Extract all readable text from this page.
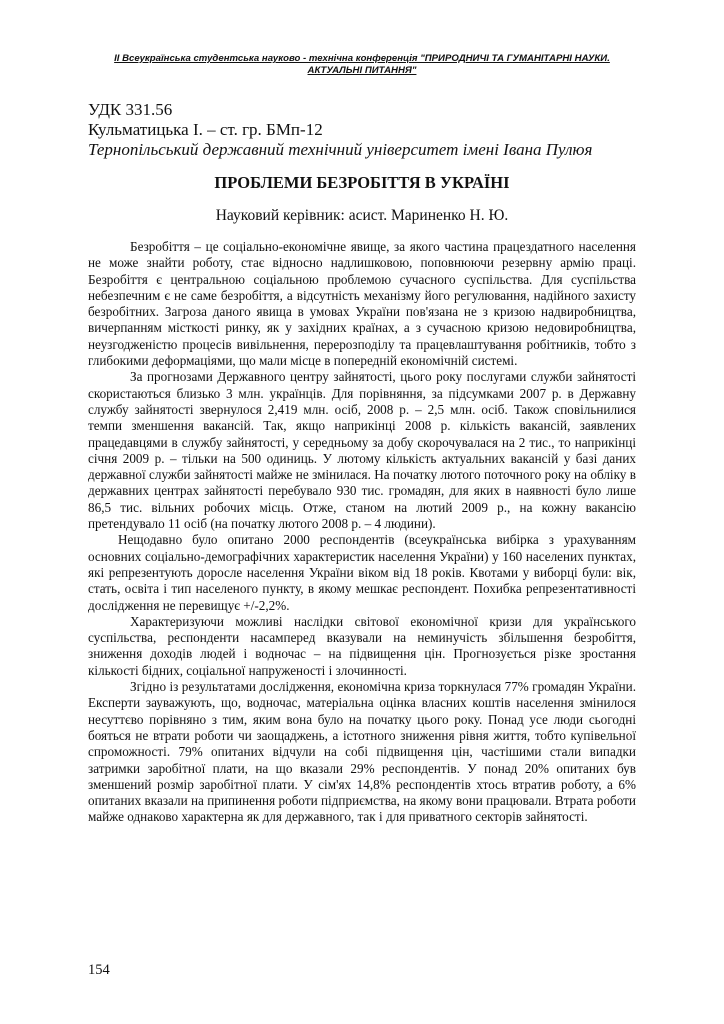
II Всеукраїнська студентська науково - технічна конференція "ПРИРОДНИЧІ ТА ГУМАНІТАРНІ НАУКИ. АКТУАЛЬНІ ПИТАННЯ"
УДК 331.56
Кульматицька І. – ст. гр. БМп-12
Тернопільський державний технічний університет імені Івана Пулюя
ПРОБЛЕМИ БЕЗРОБІТТЯ В УКРАЇНІ
Науковий керівник: асист. Мариненко Н. Ю.

Безробіття – це соціально-економічне явище, за якого частина працездатного населення не може знайти роботу, стає відносно надлишковою, поповнюючи резервну армію праці. Безробіття є центральною соціальною проблемою сучасного суспільства. Для суспільства небезпечним є не саме безробіття, а відсутність механізму його регулювання, надійного захисту безробітних. Загроза даного явища в умовах України пов'язана не з кризою надвиробництва, вичерпанням місткості ринку, як у західних країнах, а з сучасною кризою недовиробництва, неузгодженістю процесів вивільнення, перерозподілу та працевлаштування робітників, тобто з глибокими деформаціями, що мали місце в попередній економічній системі.

За прогнозами Державного центру зайнятості, цього року послугами служби зайнятості скористаються близько 3 млн. українців. Для порівняння, за підсумками 2007 р. в Державну службу зайнятості звернулося 2,419 млн. осіб, 2008 р. – 2,5 млн. осіб. Також сповільнилися темпи зменшення вакансій. Так, якщо наприкінці 2008 р. кількість вакансій, заявлених працедавцями в службу зайнятості, у середньому за добу скорочувалася на 2 тис., то наприкінці січня 2009 р. – тільки на 500 одиниць. У лютому кількість актуальних вакансій у базі даних державної служби зайнятості майже не змінилася. На початку лютого поточного року на обліку в державних центрах зайнятості перебувало 930 тис. громадян, для яких в наявності було лише 86,5 тис. вільних робочих місць. Отже, станом на лютий 2009 р., на кожну вакансію претендувало 11 осіб (на початку лютого 2008 р. – 4 людини).

Нещодавно було опитано 2000 респондентів (всеукраїнська вибірка з урахуванням основних соціально-демографічних характеристик населення України) у 160 населених пунктах, які репрезентують доросле населення України віком від 18 років. Квотами у виборці були: вік, стать, освіта і тип населеного пункту, в якому мешкає респондент. Похибка репрезентативності дослідження не перевищує +/-2,2%.

Характеризуючи можливі наслідки світової економічної кризи для українського суспільства, респонденти насамперед вказували на неминучість збільшення безробіття, зниження доходів людей і водночас – на підвищення цін. Прогнозується різке зростання кількості бідних, соціальної напруженості і злочинності.

Згідно із результатами дослідження, економічна криза торкнулася 77% громадян України. Експерти зауважують, що, водночас, матеріальна оцінка власних коштів населення змінилося несуттєво порівняно з тим, яким вона було на початку цього року. Понад усе люди сьогодні бояться не втрати роботи чи заощаджень, а істотного зниження рівня життя, тобто купівельної спроможності. 79% опитаних відчули на собі підвищення цін, частішими стали випадки затримки заробітної плати, на що вказали 29% респондентів. У понад 20% опитаних був зменшений розмір заробітної плати. У сім'ях 14,8% респондентів хтось втратив роботу, а 6% опитаних вказали на припинення роботи підприємства, на якому вони працювали. Втрата роботи майже однаково характерна як для державного, так і для приватного секторів зайнятості.

154
